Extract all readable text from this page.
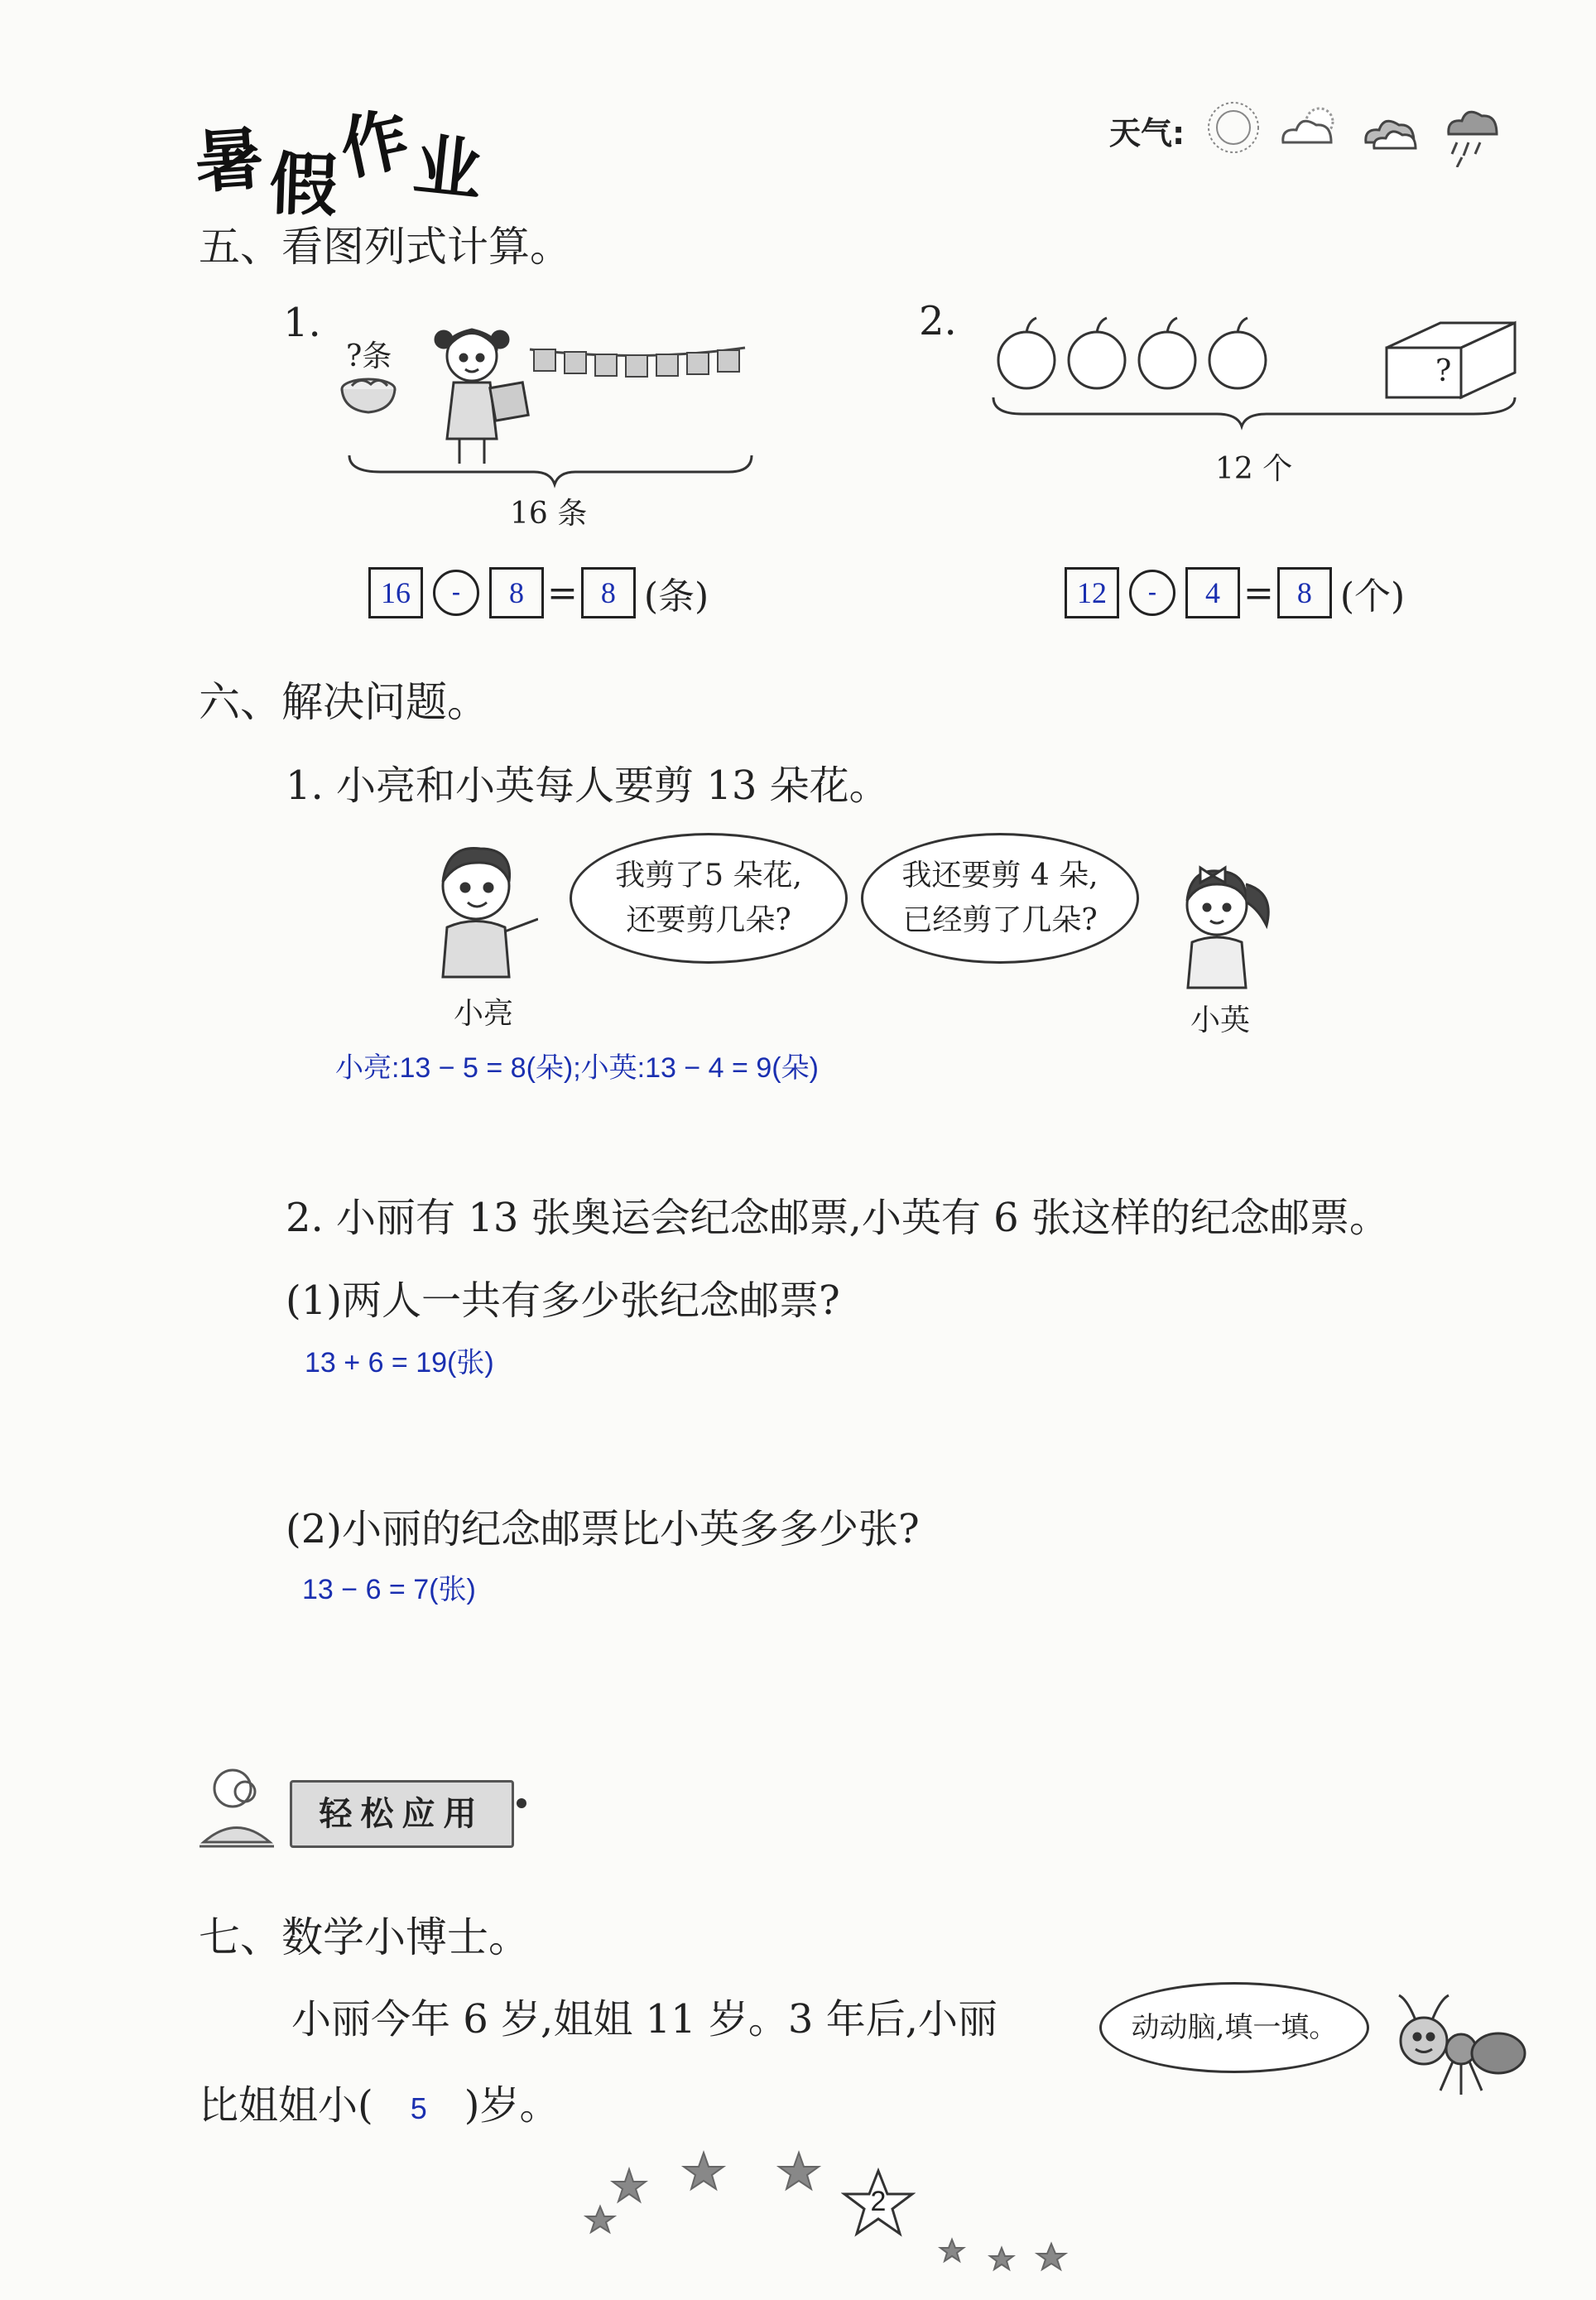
暑假作业	天气:
五、看图列式计算。
1.
?条
16 条
16 - 8 = 8 (条)
2.
?
12 个
12 - 4 = 8 (个)
六、解决问题。
1. 小亮和小英每人要剪 13 朵花。
我剪了5 朵花,
还要剪几朵?
我还要剪 4 朵,
已经剪了几朵?
小亮	小英
小亮:13 − 5 = 8(朵);小英:13 − 4 = 9(朵)
2. 小丽有 13 张奥运会纪念邮票,小英有 6 张这样的纪念邮票。
(1)两人一共有多少张纪念邮票?
13 + 6 = 19(张)
(2)小丽的纪念邮票比小英多多少张?
13 − 6 = 7(张)
轻松应用
七、数学小博士。
小丽今年 6 岁,姐姐 11 岁。3 年后,小丽
比姐姐小( 5 )岁。
动动脑,填一填。
2
